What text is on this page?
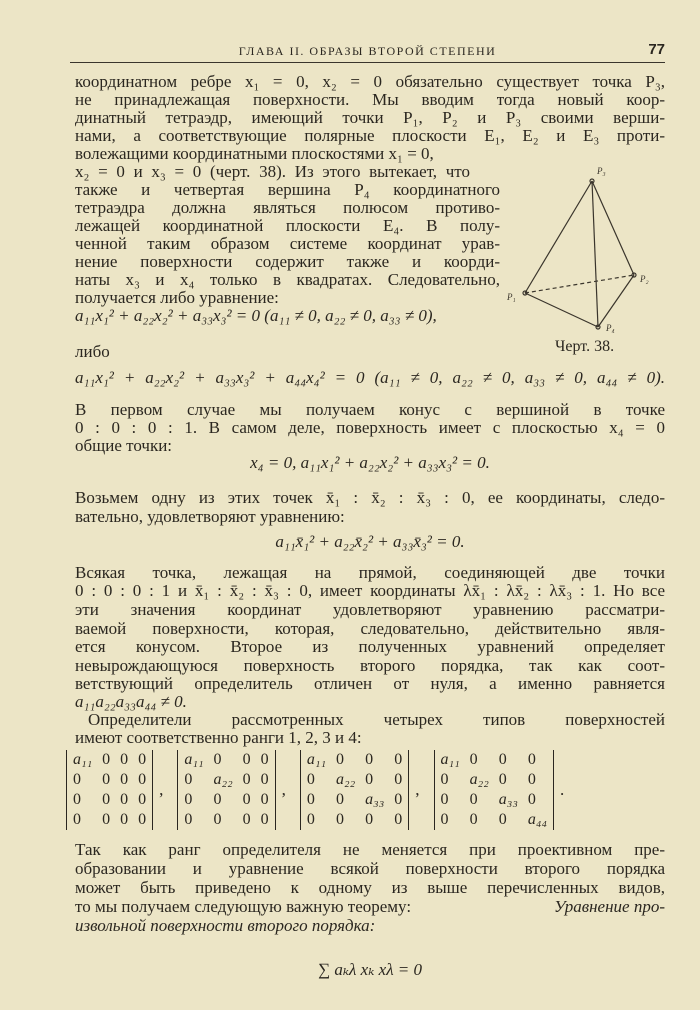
ГЛАВА II. ОБРАЗЫ ВТОРОЙ СТЕПЕНИ	77
координатном ребре x₁ = 0, x₂ = 0 обязательно существует точка P₃,
не принадлежащая поверхности. Мы вводим тогда новый коор-
динатный тетраэдр, имеющий точки P₁, P₂ и P₃ своими верши-
нами, а соответствующие полярные плоскости E₁, E₂ и E₃ проти-
волежащими координатными плоскостями x₁ = 0,
x₂ = 0 и x₃ = 0 (черт. 38). Из этого вытекает, что
также и четвертая вершина P₄ координатного
тетраэдра должна являться полюсом противо-
лежащей координатной плоскости E₄. В полу-
ченной таким образом системе координат урав-
нение поверхности содержит также и коорди-
наты x₃ и x₄ только в квадратах. Следовательно,
получается либо уравнение:
P₃
P₂
P₁
P₄
Черт. 38.
a₁₁x₁² + a₂₂x₂² + a₃₃x₃² = 0 (a₁₁ ≠ 0, a₂₂ ≠ 0, a₃₃ ≠ 0),
либо
a₁₁x₁² + a₂₂x₂² + a₃₃x₃² + a₄₄x₄² = 0 (a₁₁ ≠ 0, a₂₂ ≠ 0, a₃₃ ≠ 0, a₄₄ ≠ 0).
В первом случае мы получаем конус с вершиной в точке
0 : 0 : 0 : 1. В самом деле, поверхность имеет с плоскостью x₄ = 0
общие точки:
x₄ = 0, a₁₁x₁² + a₂₂x₂² + a₃₃x₃² = 0.
Возьмем одну из этих точек x̄₁ : x̄₂ : x̄₃ : 0, ее координаты, следо-
вательно, удовлетворяют уравнению:
a₁₁x̄₁² + a₂₂x̄₂² + a₃₃x̄₃² = 0.
Всякая точка, лежащая на прямой, соединяющей две точки
0 : 0 : 0 : 1 и x̄₁ : x̄₂ : x̄₃ : 0, имеет координаты λx̄₁ : λx̄₂ : λx̄₃ : 1. Но все
эти значения координат удовлетворяют уравнению рассматри-
ваемой поверхности, которая, следовательно, действительно явля-
ется конусом. Второе из полученных уравнений определяет
невырождающуюся поверхность второго порядка, так как соот-
ветствующий определитель отличен от нуля, а именно равняется
a₁₁a₂₂a₃₃a₄₄ ≠ 0.
Определители рассмотренных четырех типов поверхностей
имеют соответственно ранги 1, 2, 3 и 4:
a₁₁ 0 0 0
0 0 0 0
0 0 0 0
0 0 0 0
,
a₁₁ 0 0 0
0 a₂₂ 0 0
0 0 0 0
0 0 0 0
,
a₁₁ 0 0 0
0 a₂₂ 0 0
0 0 a₃₃ 0
0 0 0 0
,
a₁₁ 0 0 0
0 a₂₂ 0 0
0 0 a₃₃ 0
0 0 0 a₄₄
.
Так как ранг определителя не меняется при проективном пре-
образовании и уравнение всякой поверхности второго порядка
может быть приведено к одному из выше перечисленных видов,
то мы получаем следующую важную теорему:	Уравнение про-
извольной поверхности второго порядка:
∑ aₖλ xₖ xλ = 0
